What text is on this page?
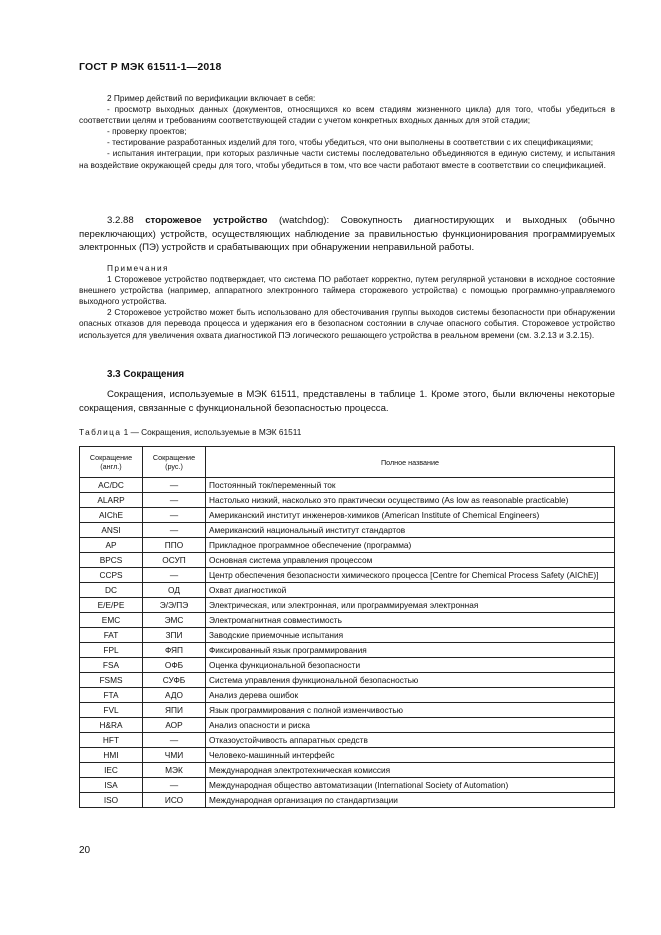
ГОСТ Р МЭК 61511-1—2018

2 Пример действий по верификации включает в себя:

- просмотр выходных данных (документов, относящихся ко всем стадиям жизненного цикла) для того, чтобы убедиться в соответствии целям и требованиям соответствующей стадии с учетом конкретных входных данных для этой стадии;

- проверку проектов;

- тестирование разработанных изделий для того, чтобы убедиться, что они выполнены в соответствии с их спецификациями;

- испытания интеграции, при которых различные части системы последовательно объединяются в единую систему, и испытания на воздействие окружающей среды для того, чтобы убедиться в том, что все части работают вместе в соответствии со спецификацией.

3.2.88 сторожевое устройство (watchdog): Совокупность диагностирующих и выходных (обычно переключающих) устройств, осуществляющих наблюдение за правильностью функционирования программируемых электронных (ПЭ) устройств и срабатывающих при обнаружении неправильной работы.

Примечания

1 Сторожевое устройство подтверждает, что система ПО работает корректно, путем регулярной установки в исходное состояние внешнего устройства (например, аппаратного электронного таймера сторожевого устройства) с помощью программно-управляемого выходного устройства.

2 Сторожевое устройство может быть использовано для обесточивания группы выходов системы безопасности при обнаружении опасных отказов для перевода процесса и удержания его в безопасном состоянии в случае опасного события. Сторожевое устройство используется для увеличения охвата диагностикой ПЭ логического решающего устройства в реальном времени (см. 3.2.13 и 3.2.15).

3.3 Сокращения

Сокращения, используемые в МЭК 61511, представлены в таблице 1. Кроме этого, были включены некоторые сокращения, связанные с функциональной безопасностью процесса.

Таблица 1 — Сокращения, используемые в МЭК 61511
Сокращение (англ.)	Сокращение (рус.)	Полное название
AC/DC	—	Постоянный ток/переменный ток
ALARP	—	Настолько низкий, насколько это практически осуществимо (As low as reasonable practicable)
AIChE	—	Американский институт инженеров-химиков (American Institute of Chemical Engineers)
ANSI	—	Американский национальный институт стандартов
AP	ППО	Прикладное программное обеспечение (программа)
BPCS	ОСУП	Основная система управления процессом
CCPS	—	Центр обеспечения безопасности химического процесса [Centre for Chemical Process Safety (AIChE)]
DC	ОД	Охват диагностикой
E/E/PE	Э/Э/ПЭ	Электрическая, или электронная, или программируемая электронная
EMC	ЭМС	Электромагнитная совместимость
FAT	ЗПИ	Заводские приемочные испытания
FPL	ФЯП	Фиксированный язык программирования
FSA	ОФБ	Оценка функциональной безопасности
FSMS	СУФБ	Система управления функциональной безопасностью
FTA	АДО	Анализ дерева ошибок
FVL	ЯПИ	Язык программирования с полной изменчивостью
H&RA	АОР	Анализ опасности и риска
HFT	—	Отказоустойчивость аппаратных средств
HMI	ЧМИ	Человеко-машинный интерфейс
IEC	МЭК	Международная электротехническая комиссия
ISA	—	Международная общество автоматизации (International Society of Automation)
ISO	ИСО	Международная организация по стандартизации
20
